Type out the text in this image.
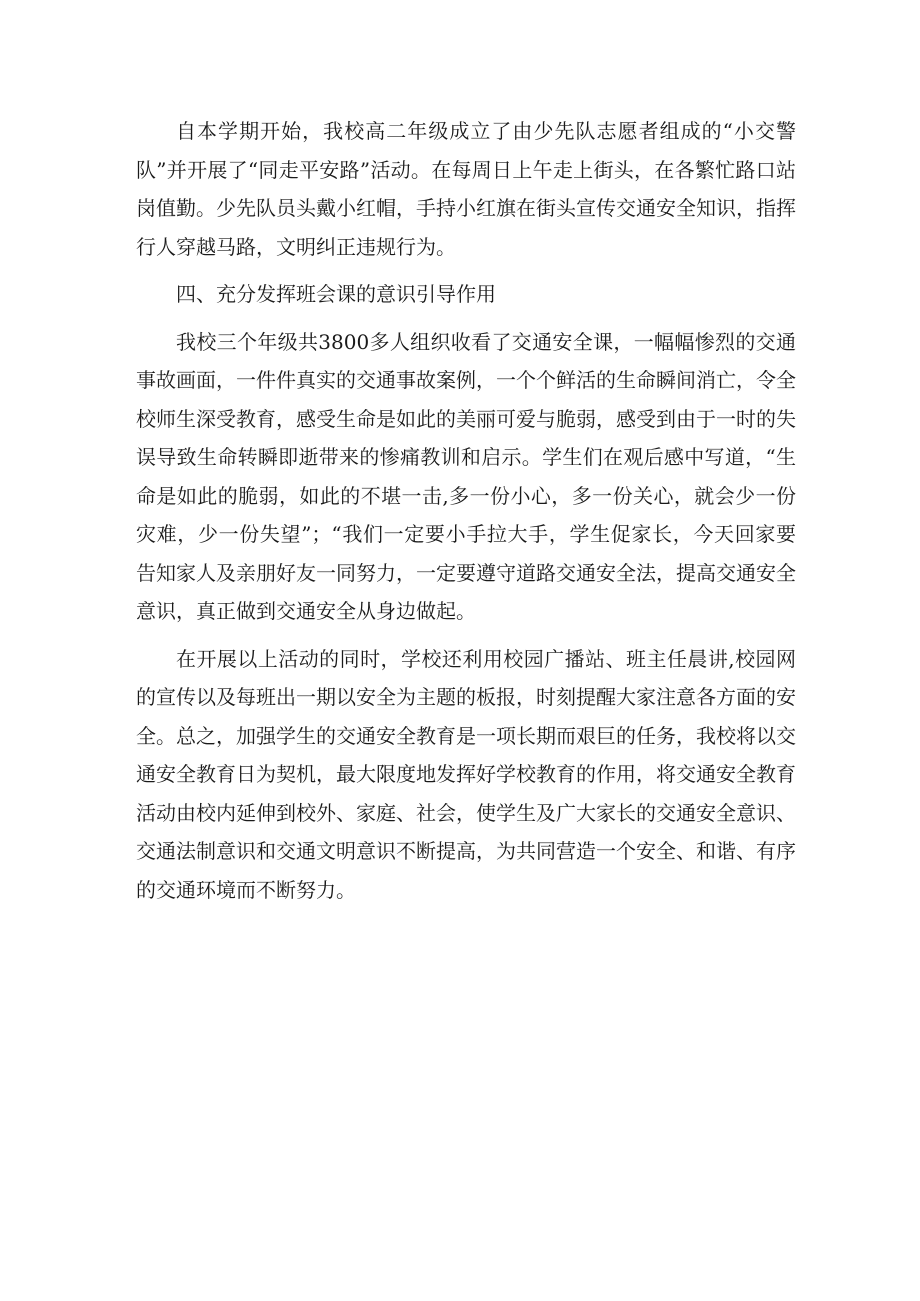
自本学期开始，我校高二年级成立了由少先队志愿者组成的“小交警队”并开展了“同走平安路”活动。在每周日上午走上街头，在各繁忙路口站岗值勤。少先队员头戴小红帽，手持小红旗在街头宣传交通安全知识，指挥行人穿越马路，文明纠正违规行为。

四、充分发挥班会课的意识引导作用

我校三个年级共3800多人组织收看了交通安全课，一幅幅惨烈的交通事故画面，一件件真实的交通事故案例，一个个鲜活的生命瞬间消亡，令全校师生深受教育，感受生命是如此的美丽可爱与脆弱，感受到由于一时的失误导致生命转瞬即逝带来的惨痛教训和启示。学生们在观后感中写道，“生命是如此的脆弱，如此的不堪一击,多一份小心，多一份关心，就会少一份灾难，少一份失望”；“我们一定要小手拉大手，学生促家长，今天回家要告知家人及亲朋好友一同努力，一定要遵守道路交通安全法，提高交通安全意识，真正做到交通安全从身边做起。

在开展以上活动的同时，学校还利用校园广播站、班主任晨讲,校园网的宣传以及每班出一期以安全为主题的板报，时刻提醒大家注意各方面的安全。总之，加强学生的交通安全教育是一项长期而艰巨的任务，我校将以交通安全教育日为契机，最大限度地发挥好学校教育的作用，将交通安全教育活动由校内延伸到校外、家庭、社会，使学生及广大家长的交通安全意识、交通法制意识和交通文明意识不断提高，为共同营造一个安全、和谐、有序的交通环境而不断努力。
